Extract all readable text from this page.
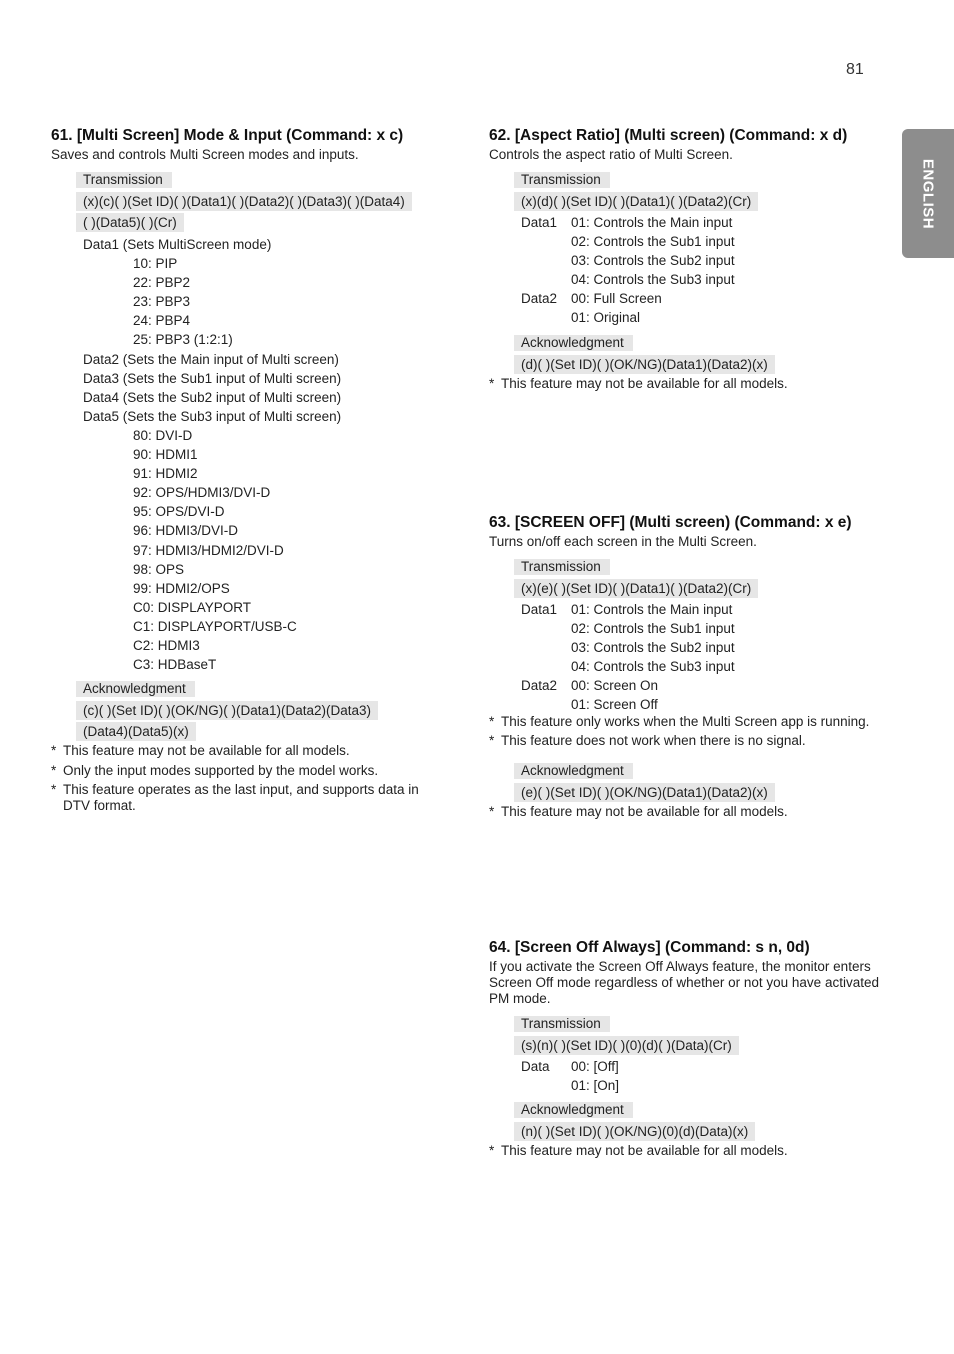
81
ENGLISH
61. [Multi Screen] Mode & Input (Command: x c)
Saves and controls Multi Screen modes and inputs.
Transmission
(x)(c)( )(Set ID)( )(Data1)( )(Data2)( )(Data3)( )(Data4) ( )(Data5)( )(Cr)
Data1 (Sets MultiScreen mode)
10: PIP
22: PBP2
23: PBP3
24: PBP4
25: PBP3 (1:2:1)
Data2 (Sets the Main input of Multi screen)
Data3 (Sets the Sub1 input of Multi screen)
Data4 (Sets the Sub2 input of Multi screen)
Data5 (Sets the Sub3 input of Multi screen)
80: DVI-D
90: HDMI1
91: HDMI2
92: OPS/HDMI3/DVI-D
95: OPS/DVI-D
96: HDMI3/DVI-D
97: HDMI3/HDMI2/DVI-D
98: OPS
99: HDMI2/OPS
C0: DISPLAYPORT
C1: DISPLAYPORT/USB-C
C2: HDMI3
C3: HDBaseT
Acknowledgment
(c)( )(Set ID)( )(OK/NG)( )(Data1)(Data2)(Data3) (Data4)(Data5)(x)
* This feature may not be available for all models.
* Only the input modes supported by the model works.
* This feature operates as the last input, and supports data in DTV format.
62. [Aspect Ratio] (Multi screen) (Command: x d)
Controls the aspect ratio of Multi Screen.
Transmission
(x)(d)( )(Set ID)( )(Data1)( )(Data2)(Cr)
Data1	01: Controls the Main input
02: Controls the Sub1 input
03: Controls the Sub2 input
04: Controls the Sub3 input
Data2	00: Full Screen
01: Original
Acknowledgment
(d)( )(Set ID)( )(OK/NG)(Data1)(Data2)(x)
* This feature may not be available for all models.
63. [SCREEN OFF] (Multi screen) (Command: x e)
Turns on/off each screen in the Multi Screen.
Transmission
(x)(e)( )(Set ID)( )(Data1)( )(Data2)(Cr)
Data1	01: Controls the Main input
02: Controls the Sub1 input
03: Controls the Sub2 input
04: Controls the Sub3 input
Data2	00: Screen On
01: Screen Off
* This feature only works when the Multi Screen app is running.
* This feature does not work when there is no signal.
Acknowledgment
(e)( )(Set ID)( )(OK/NG)(Data1)(Data2)(x)
* This feature may not be available for all models.
64. [Screen Off Always] (Command: s n, 0d)
If you activate the Screen Off Always feature, the monitor enters Screen Off mode regardless of whether or not you have activated PM mode.
Transmission
(s)(n)( )(Set ID)( )(0)(d)( )(Data)(Cr)
Data	00: [Off]
01: [On]
Acknowledgment
(n)( )(Set ID)( )(OK/NG)(0)(d)(Data)(x)
* This feature may not be available for all models.
